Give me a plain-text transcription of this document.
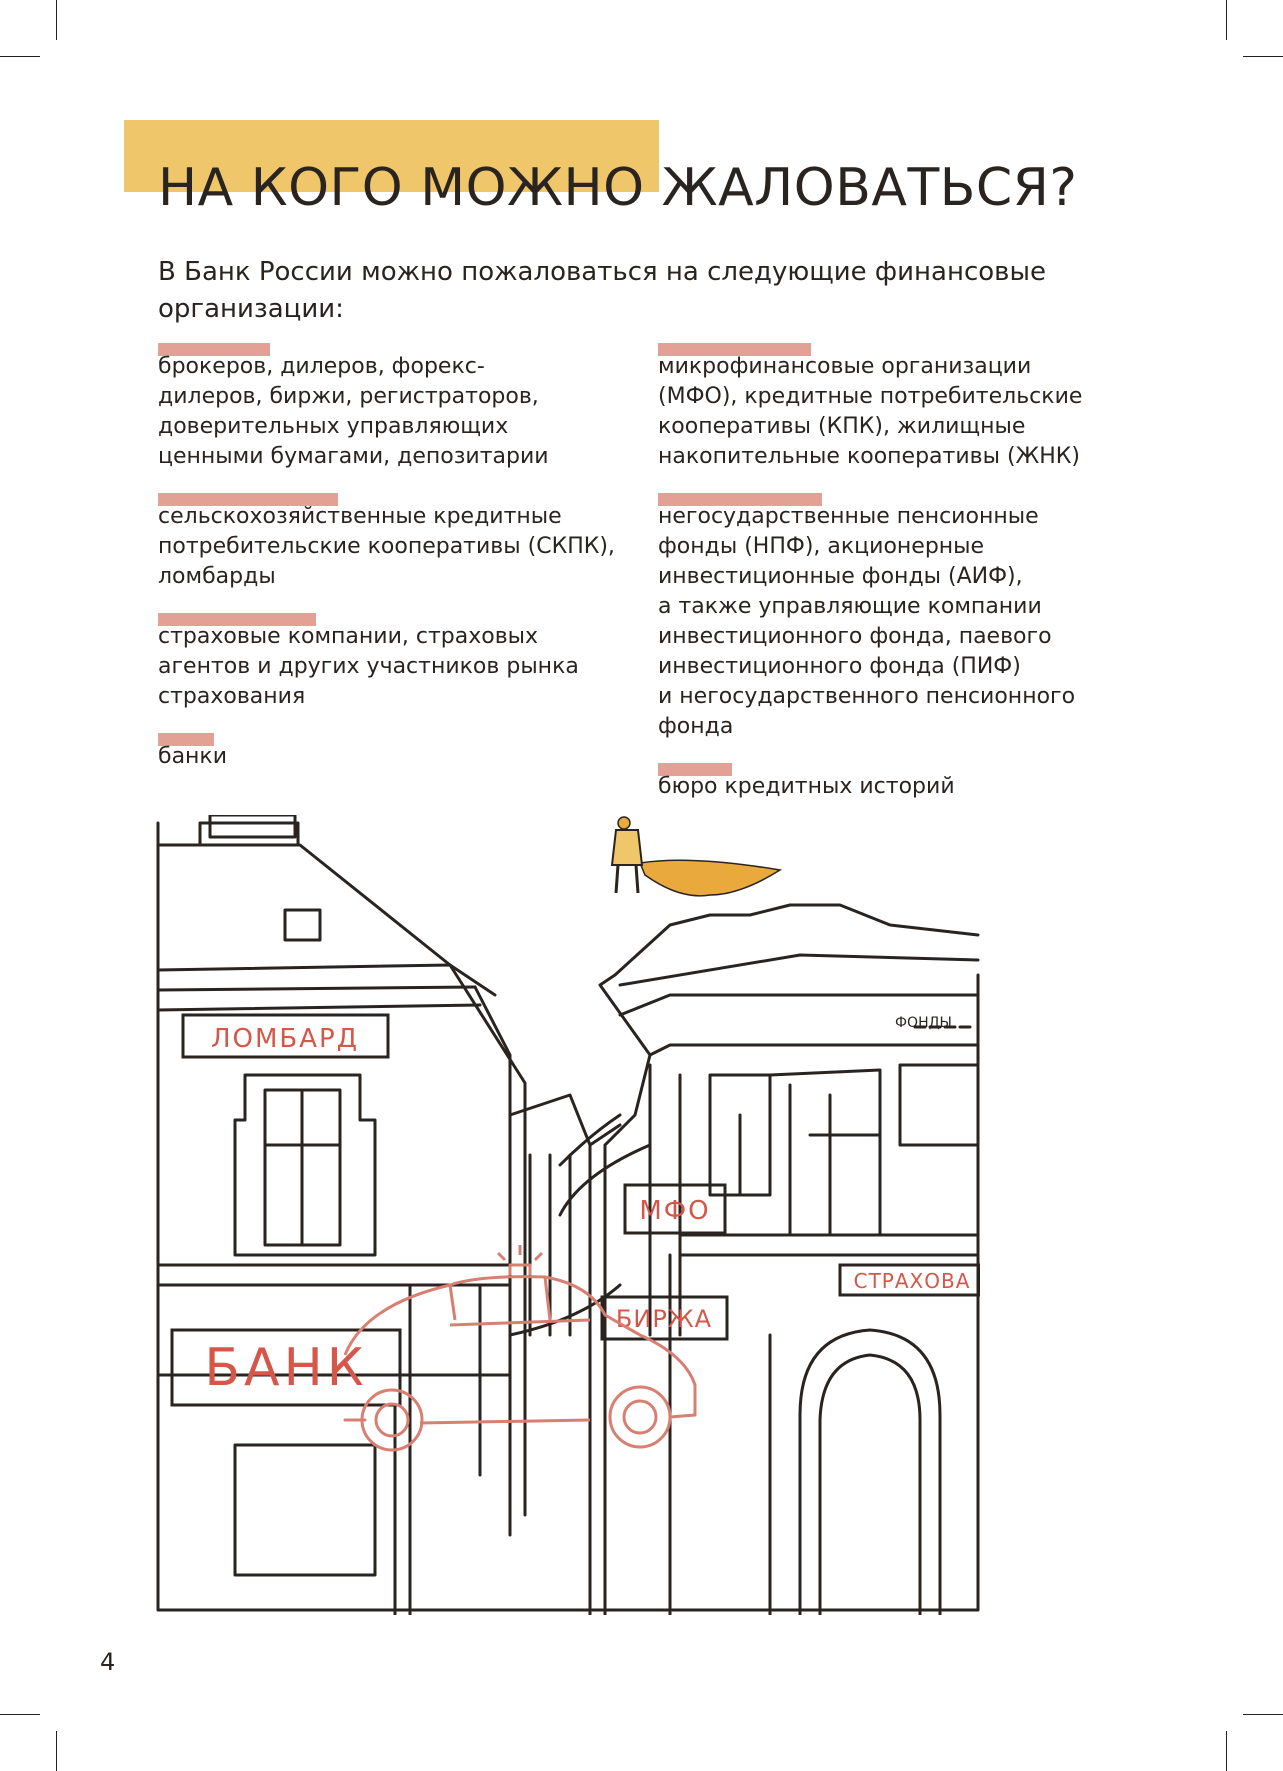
НА КОГО МОЖНО ЖАЛОВАТЬСЯ?

В Банк России можно пожаловаться на следующие финансовые организации:

брокеров, дилеров, форекс-
дилеров, биржи, регистраторов,
доверительных управляющих
ценными бумагами, депозитарии
сельскохозяйственные кредитные
потребительские кооперативы (СКПК),
ломбарды
страховые компании, страховых
агентов и других участников рынка
страхования
банки
микрофинансовые организации
(МФО), кредитные потребительские
кооперативы (КПК), жилищные
накопительные кооперативы (ЖНК)
негосударственные пенсионные
фонды (НПФ), акционерные
инвестиционные фонды (АИФ),
а также управляющие компании
инвестиционного фонда, паевого
инвестиционного фонда (ПИФ)
и негосударственного пенсионного
фонда
бюро кредитных историй
ЛОМБАРД
БАНК
МФО
БИРЖА
СТРАХОВА
ФОНДЫ
4
